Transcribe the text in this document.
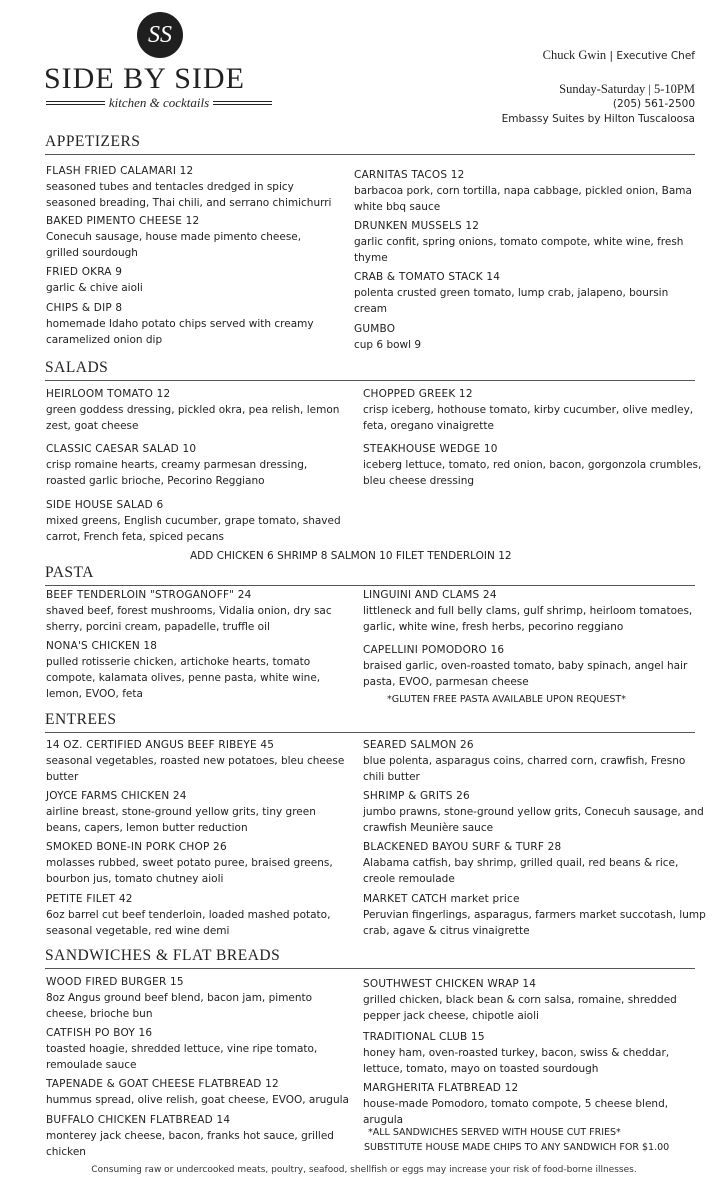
SS
SIDE BY SIDE
kitchen & cocktails
Chuck Gwin | Executive Chef
Sunday-Saturday | 5-10PM
(205) 561-2500
Embassy Suites by Hilton Tuscaloosa
APPETIZERS
SALADS
PASTA
ENTREES
SANDWICHES & FLAT BREADS
FLASH FRIED CALAMARI 12
seasoned tubes and tentacles dredged in spicy seasoned breading, Thai chili, and serrano chimichurri
BAKED PIMENTO CHEESE 12
Conecuh sausage, house made pimento cheese, grilled sourdough
FRIED OKRA 9
garlic & chive aioli
CHIPS & DIP 8
homemade Idaho potato chips served with creamy caramelized onion dip
CARNITAS TACOS 12
barbacoa pork, corn tortilla, napa cabbage, pickled onion, Bama white bbq sauce
DRUNKEN MUSSELS 12
garlic confit, spring onions, tomato compote, white wine, fresh thyme
CRAB & TOMATO STACK 14
polenta crusted green tomato, lump crab, jalapeno, boursin cream
GUMBO
cup 6 bowl 9
HEIRLOOM TOMATO 12
green goddess dressing, pickled okra, pea relish, lemon zest, goat cheese
CLASSIC CAESAR SALAD 10
crisp romaine hearts, creamy parmesan dressing, roasted garlic brioche, Pecorino Reggiano
SIDE HOUSE SALAD 6
mixed greens, English cucumber, grape tomato, shaved carrot, French feta, spiced pecans
CHOPPED GREEK 12
crisp iceberg, hothouse tomato, kirby cucumber, olive medley, feta, oregano vinaigrette
STEAKHOUSE WEDGE 10
iceberg lettuce, tomato, red onion, bacon, gorgonzola crumbles, bleu cheese dressing
ADD CHICKEN 6 SHRIMP 8 SALMON 10 FILET TENDERLOIN 12
BEEF TENDERLOIN "STROGANOFF" 24
shaved beef, forest mushrooms, Vidalia onion, dry sac sherry, porcini cream, papadelle, truffle oil
NONA'S CHICKEN 18
pulled rotisserie chicken, artichoke hearts, tomato compote, kalamata olives, penne pasta, white wine, lemon, EVOO, feta
LINGUINI AND CLAMS 24
littleneck and full belly clams, gulf shrimp, heirloom tomatoes, garlic, white wine, fresh herbs, pecorino reggiano
CAPELLINI POMODORO 16
braised garlic, oven-roasted tomato, baby spinach, angel hair pasta, EVOO, parmesan cheese
*GLUTEN FREE PASTA AVAILABLE UPON REQUEST*
14 OZ. CERTIFIED ANGUS BEEF RIBEYE 45
seasonal vegetables, roasted new potatoes, bleu cheese butter
JOYCE FARMS CHICKEN 24
airline breast, stone-ground yellow grits, tiny green beans, capers, lemon butter reduction
SMOKED BONE-IN PORK CHOP 26
molasses rubbed, sweet potato puree, braised greens, bourbon jus, tomato chutney aioli
PETITE FILET 42
6oz barrel cut beef tenderloin, loaded mashed potato, seasonal vegetable, red wine demi
SEARED SALMON 26
blue polenta, asparagus coins, charred corn, crawfish, Fresno chili butter
SHRIMP & GRITS 26
jumbo prawns, stone-ground yellow grits, Conecuh sausage, and crawfish Meunière sauce
BLACKENED BAYOU SURF & TURF 28
Alabama catfish, bay shrimp, grilled quail, red beans & rice, creole remoulade
MARKET CATCH market price
Peruvian fingerlings, asparagus, farmers market succotash, lump crab, agave & citrus vinaigrette
WOOD FIRED BURGER 15
8oz Angus ground beef blend, bacon jam, pimento cheese, brioche bun
CATFISH PO BOY 16
toasted hoagie, shredded lettuce, vine ripe tomato, remoulade sauce
TAPENADE & GOAT CHEESE FLATBREAD 12
hummus spread, olive relish, goat cheese, EVOO, arugula
BUFFALO CHICKEN FLATBREAD 14
monterey jack cheese, bacon, franks hot sauce, grilled chicken
SOUTHWEST CHICKEN WRAP 14
grilled chicken, black bean & corn salsa, romaine, shredded pepper jack cheese, chipotle aioli
TRADITIONAL CLUB 15
honey ham, oven-roasted turkey, bacon, swiss & cheddar, lettuce, tomato, mayo on toasted sourdough
MARGHERITA FLATBREAD 12
house-made Pomodoro, tomato compote, 5 cheese blend, arugula
*ALL SANDWICHES SERVED WITH HOUSE CUT FRIES*
SUBSTITUTE HOUSE MADE CHIPS TO ANY SANDWICH FOR $1.00
Consuming raw or undercooked meats, poultry, seafood, shellfish or eggs may increase your risk of food-borne illnesses.
